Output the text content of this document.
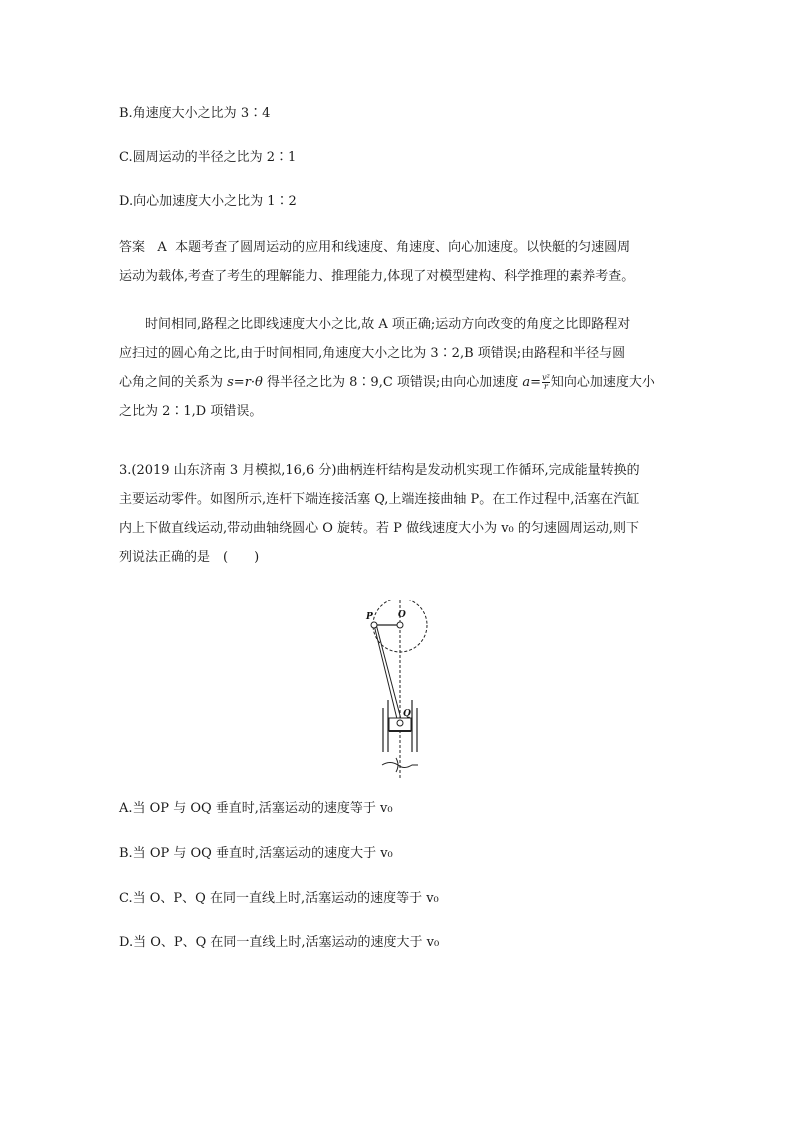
B.角速度大小之比为 3∶4
C.圆周运动的半径之比为 2∶1
D.向心加速度大小之比为 1∶2
答案 A 本题考查了圆周运动的应用和线速度、角速度、向心加速度。以快艇的匀速圆周
运动为载体,考查了考生的理解能力、推理能力,体现了对模型建构、科学推理的素养考查。
时间相同,路程之比即线速度大小之比,故 A 项正确;运动方向改变的角度之比即路程对
应扫过的圆心角之比,由于时间相同,角速度大小之比为 3∶2,B 项错误;由路程和半径与圆
心角之间的关系为 s=r·θ 得半径之比为 8∶9,C 项错误;由向心加速度 $a= \frac{\text{v²}}{r}$ 知向心加速度大小
之比为 2∶1,D 项错误。
3.(2019 山东济南 3 月模拟,16,6 分)曲柄连杆结构是发动机实现工作循环,完成能量转换的
主要运动零件。如图所示,连杆下端连接活塞 Q,上端连接曲轴 P。在工作过程中,活塞在汽缸
内上下做直线运动,带动曲轴绕圆心 O 旋转。若 P 做线速度大小为 v₀ 的匀速圆周运动,则下
列说法正确的是　(　　)
P	O
Q
A.当 OP 与 OQ 垂直时,活塞运动的速度等于 v₀
B.当 OP 与 OQ 垂直时,活塞运动的速度大于 v₀
C.当 O、P、Q 在同一直线上时,活塞运动的速度等于 v₀
D.当 O、P、Q 在同一直线上时,活塞运动的速度大于 v₀
